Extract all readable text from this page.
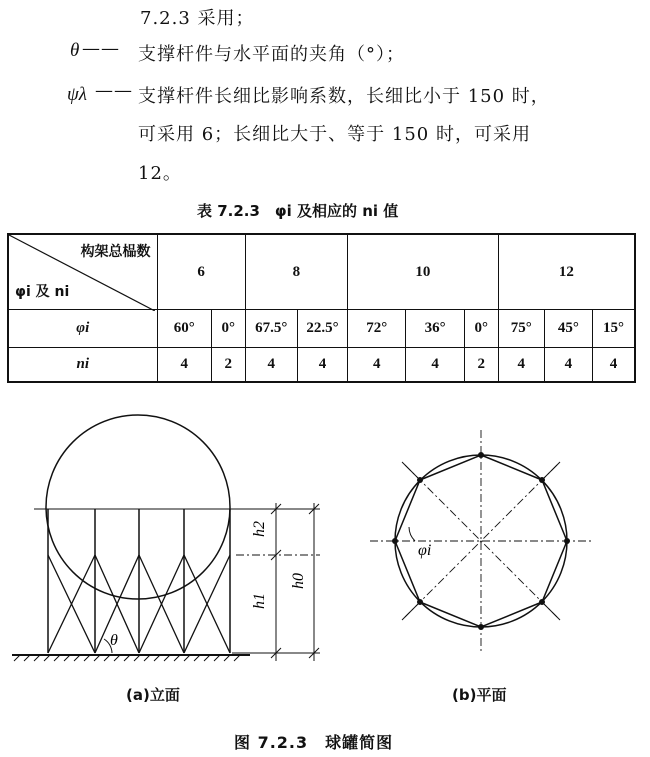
7.2.3 采用；
θ —— 支撑杆件与水平面的夹角（°）；
ψλ —— 支撑杆件长细比影响系数，长细比小于 150 时，
可采用 6；长细比大于、等于 150 时，可采用
12。
表 7.2.3　φi 及相应的 ni 值
构架总榀数
φi 及 ni	6		8		10			12		
φi	60°	0°	67.5°	22.5°	72°	36°	0°	75°	45°	15°
ni	4	2	4	4	4	4	2	4	4	4
h2
h1
h0
θ
φi
(a)立面	(b)平面
图 7.2.3　球罐简图
